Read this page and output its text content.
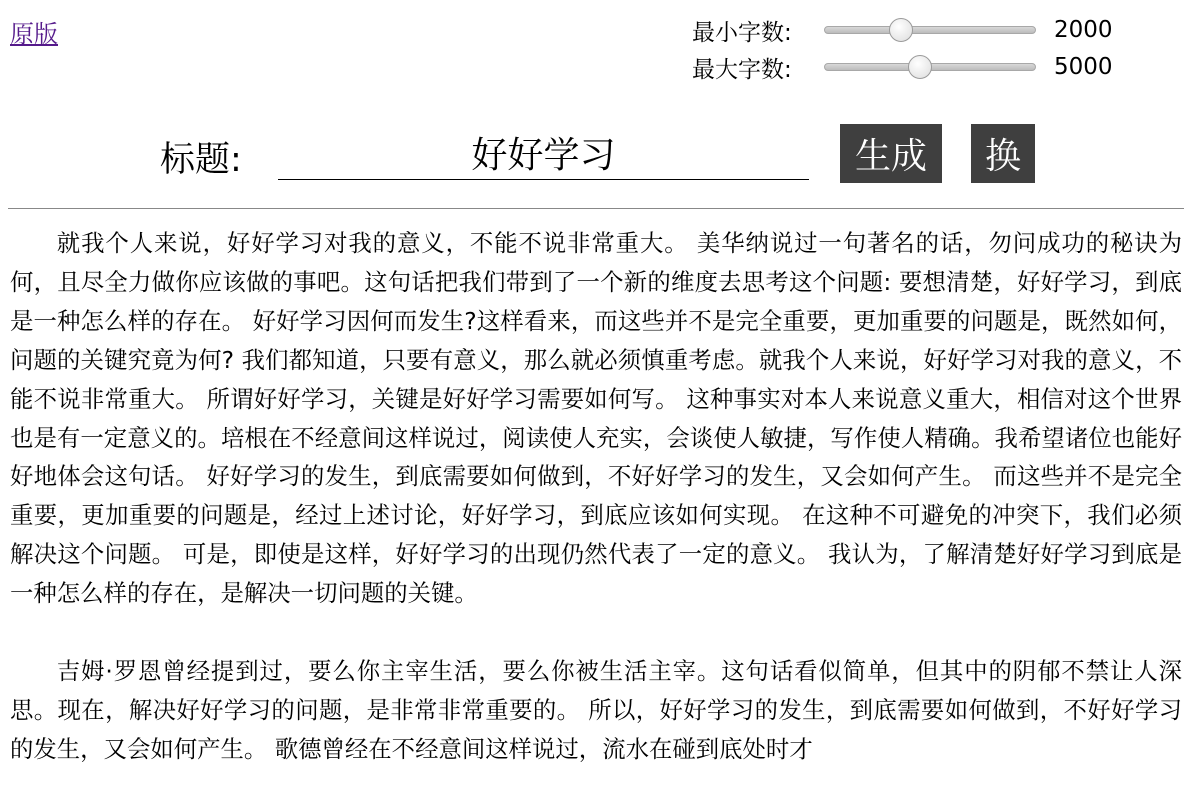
原版	最小字数:	2000
最大字数:	5000
标题:
好好学习	生成	换

就我个人来说，好好学习对我的意义，不能不说非常重大。 美华纳说过一句著名的话，勿问成功的秘诀为何，且尽全力做你应该做的事吧。这句话把我们带到了一个新的维度去思考这个问题: 要想清楚，好好学习，到底是一种怎么样的存在。 好好学习因何而发生?这样看来，而这些并不是完全重要，更加重要的问题是，既然如何，问题的关键究竟为何? 我们都知道，只要有意义，那么就必须慎重考虑。就我个人来说，好好学习对我的意义，不能不说非常重大。 所谓好好学习，关键是好好学习需要如何写。 这种事实对本人来说意义重大，相信对这个世界也是有一定意义的。培根在不经意间这样说过，阅读使人充实，会谈使人敏捷，写作使人精确。我希望诸位也能好好地体会这句话。 好好学习的发生，到底需要如何做到，不好好学习的发生，又会如何产生。 而这些并不是完全重要，更加重要的问题是，经过上述讨论，好好学习，到底应该如何实现。 在这种不可避免的冲突下，我们必须解决这个问题。 可是，即使是这样，好好学习的出现仍然代表了一定的意义。 我认为，了解清楚好好学习到底是一种怎么样的存在，是解决一切问题的关键。

吉姆·罗恩曾经提到过，要么你主宰生活，要么你被生活主宰。这句话看似简单，但其中的阴郁不禁让人深思。现在，解决好好学习的问题，是非常非常重要的。 所以，好好学习的发生，到底需要如何做到，不好好学习的发生，又会如何产生。 歌德曾经在不经意间这样说过，流水在碰到底处时才
